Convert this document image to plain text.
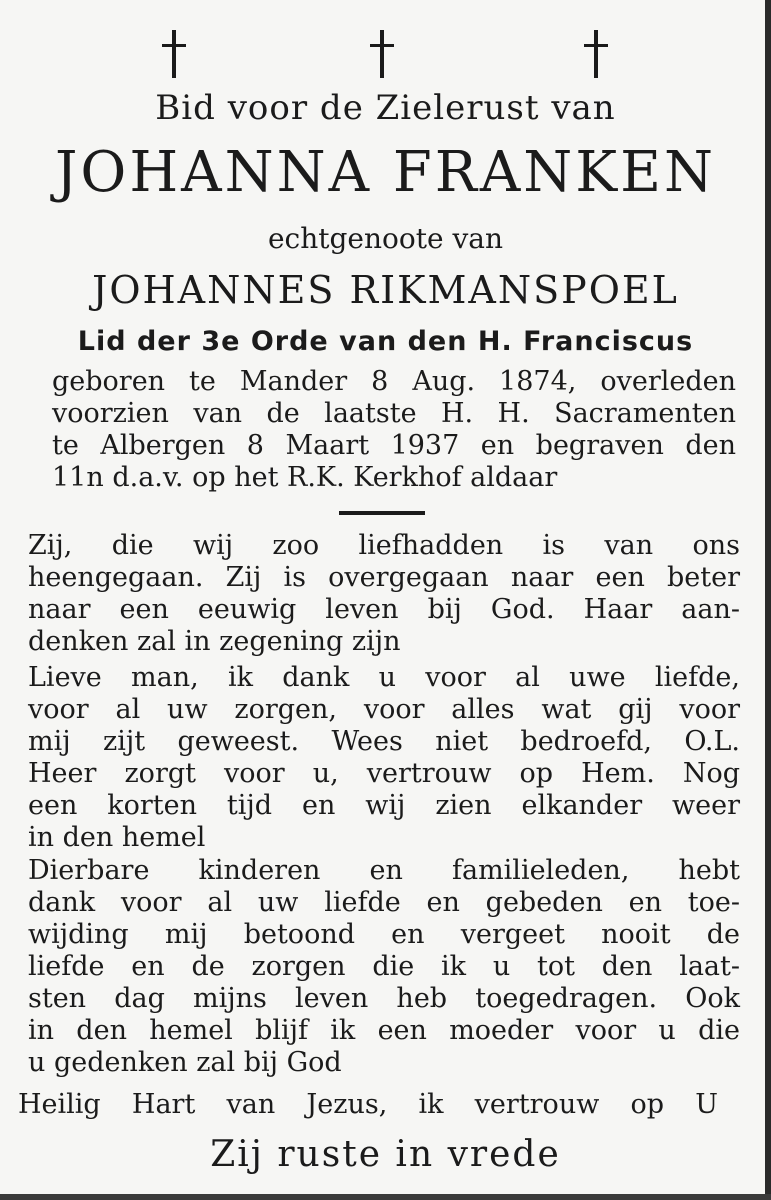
Bid voor de Zielerust van
JOHANNA FRANKEN
echtgenoote van
JOHANNES RIKMANSPOEL
Lid der 3e Orde van den H. Franciscus
geboren te Mander 8 Aug. 1874, overleden
voorzien van de laatste H. H. Sacramenten
te Albergen 8 Maart 1937 en begraven den
11n d.a.v. op het R.K. Kerkhof aldaar
Zij, die wij zoo liefhadden is van ons
heengegaan. Zij is overgegaan naar een beter
naar een eeuwig leven bij God. Haar aan-
denken zal in zegening zijn
Lieve man, ik dank u voor al uwe liefde,
voor al uw zorgen, voor alles wat gij voor
mij zijt geweest. Wees niet bedroefd, O.L.
Heer zorgt voor u, vertrouw op Hem. Nog
een korten tijd en wij zien elkander weer
in den hemel
Dierbare kinderen en familieleden, hebt
dank voor al uw liefde en gebeden en toe-
wijding mij betoond en vergeet nooit de
liefde en de zorgen die ik u tot den laat-
sten dag mijns leven heb toegedragen. Ook
in den hemel blijf ik een moeder voor u die
u gedenken zal bij God
Heilig Hart van Jezus, ik vertrouw op U
Zij ruste in vrede
